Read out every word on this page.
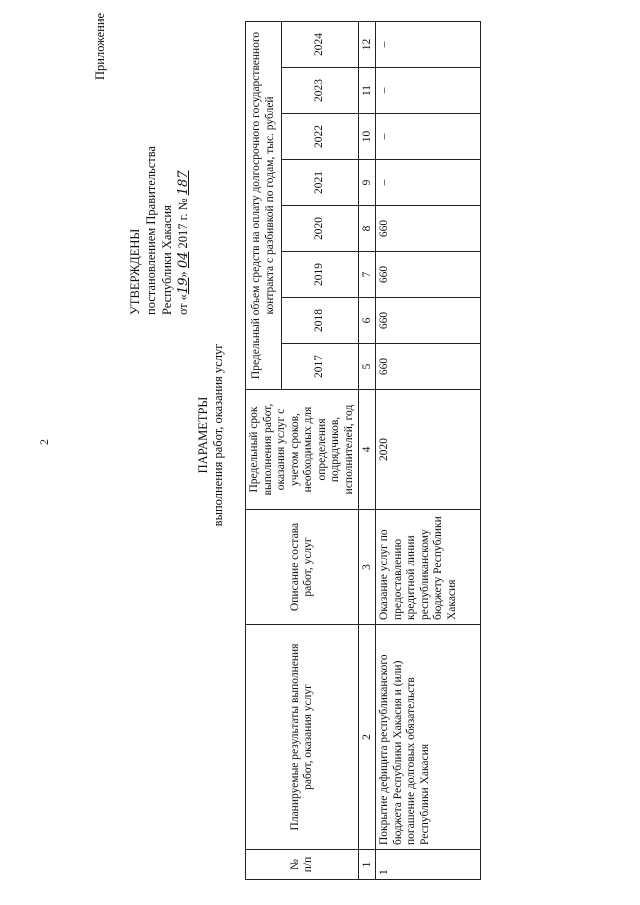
2
Приложение
УТВЕРЖДЕНЫ постановлением Правительства Республики Хакасия от «19» 04 2017 г. № 187
ПАРАМЕТРЫ выполнения работ, оказания услуг
№ п/п	Планируемые результаты выполнения работ, оказания услуг	Описание состава работ, услуг	Предельный срок выполнения работ, оказания услуг с учетом сроков, необходимых для определения подрядчиков, исполнителей, год	Предельный объем средств на оплату долгосрочного государственного контракта с разбивкой по годам, тыс. рублей							
				2017	2018	2019	2020	2021	2022	2023	2024
1	2	3	4	5	6	7	8	9	10	11	12
1	Покрытие дефицита республиканского бюджета Республики Хакасия и (или) погашение долговых обязательств Республики Хакасия	Оказание услуг по предоставлению кредитной линии республиканскому бюджету Республики Хакасия	2020	660	660	660	660	–	–	–	–
